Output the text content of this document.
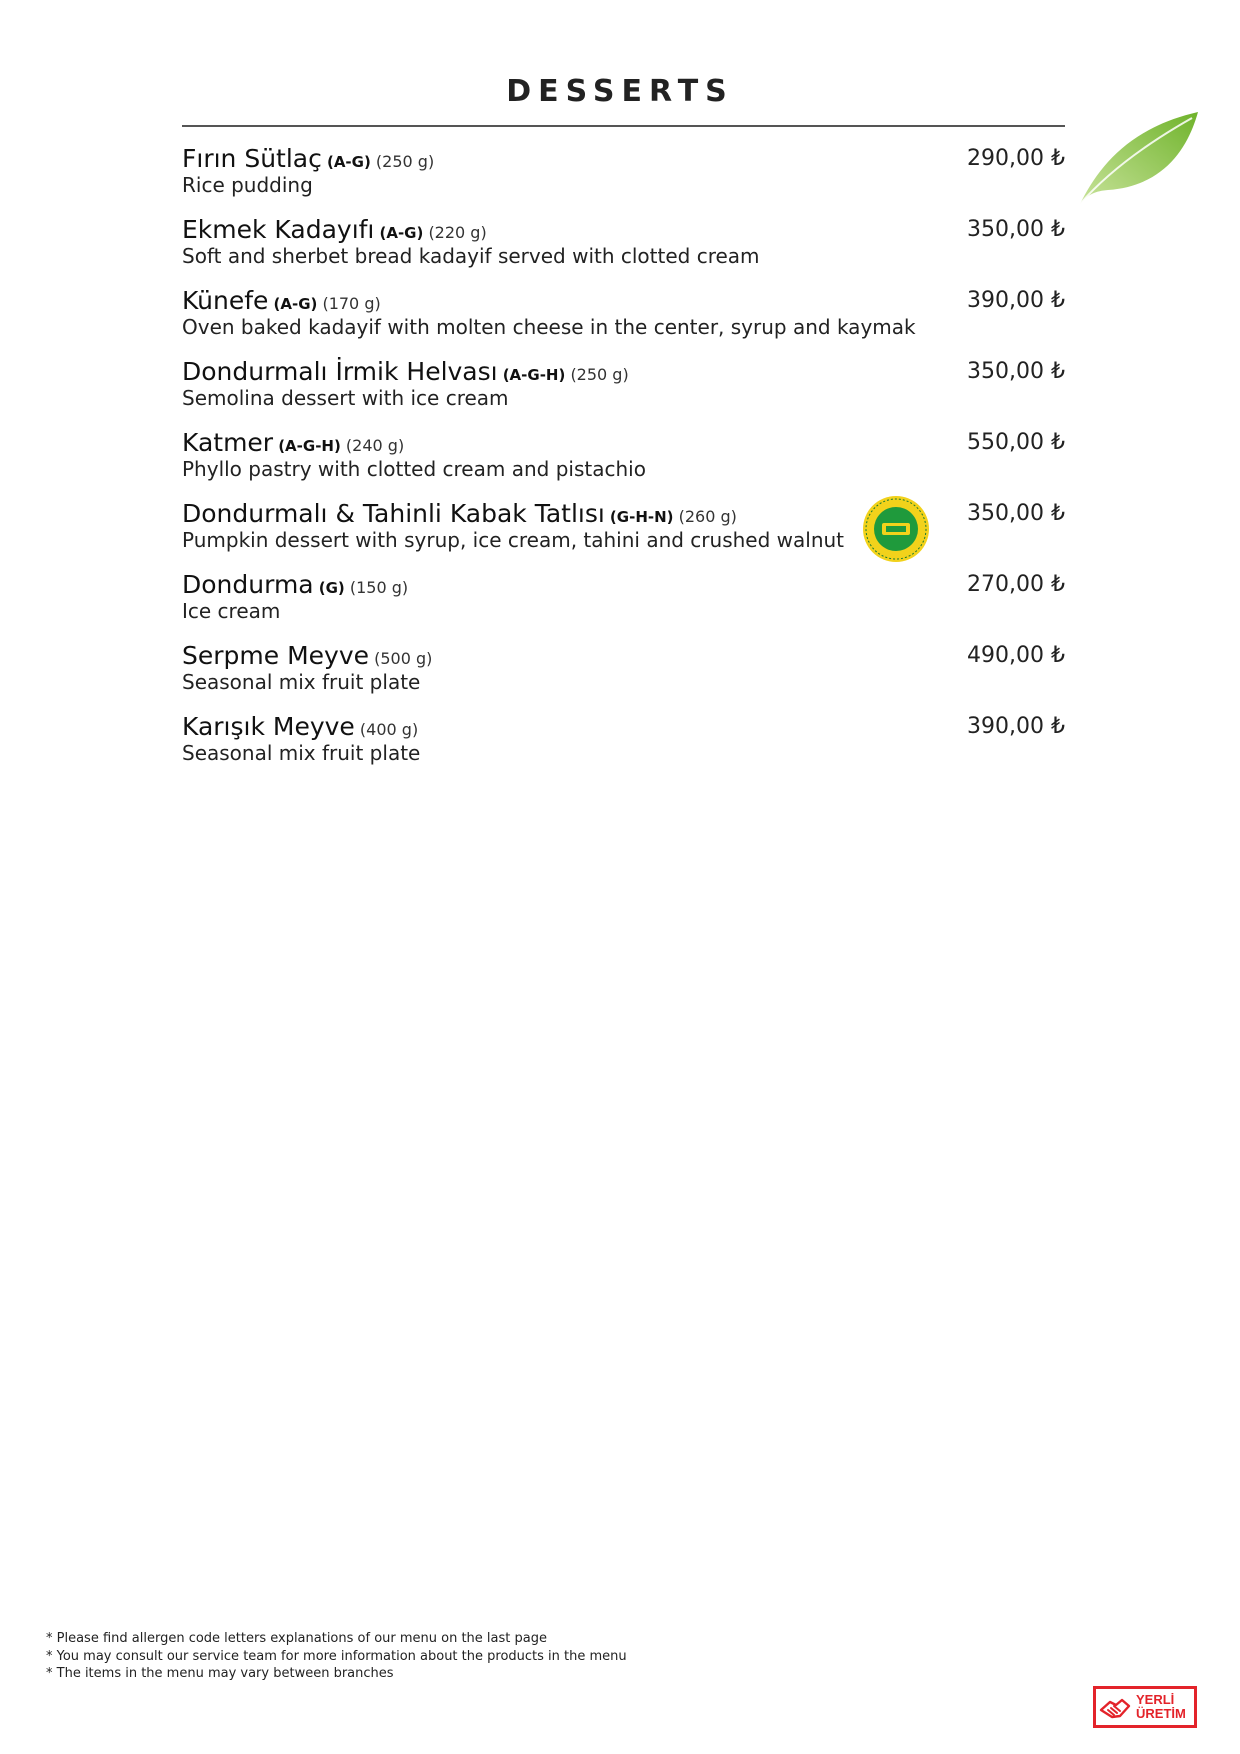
DESSERTS
Fırın Sütlaç (A-G) (250 g)
Rice pudding
290,00 ₺
Ekmek Kadayıfı (A-G) (220 g)
Soft and sherbet bread kadayif served with clotted cream
350,00 ₺
Künefe (A-G) (170 g)
Oven baked kadayif with molten cheese in the center, syrup and kaymak
390,00 ₺
Dondurmalı İrmik Helvası (A-G-H) (250 g)
Semolina dessert with ice cream
350,00 ₺
Katmer (A-G-H) (240 g)
Phyllo pastry with clotted cream and pistachio
550,00 ₺
Dondurmalı & Tahinli Kabak Tatlısı (G-H-N) (260 g)
Pumpkin dessert with syrup, ice cream, tahini and crushed walnut
350,00 ₺
Dondurma (G) (150 g)
Ice cream
270,00 ₺
Serpme Meyve (500 g)
Seasonal mix fruit plate
490,00 ₺
Karışık Meyve (400 g)
Seasonal mix fruit plate
390,00 ₺
* Please find allergen code letters explanations of our menu on the last page
* You may consult our service team for more information about the products in the menu
* The items in the menu may vary between branches
YERLİ
ÜRETİM
